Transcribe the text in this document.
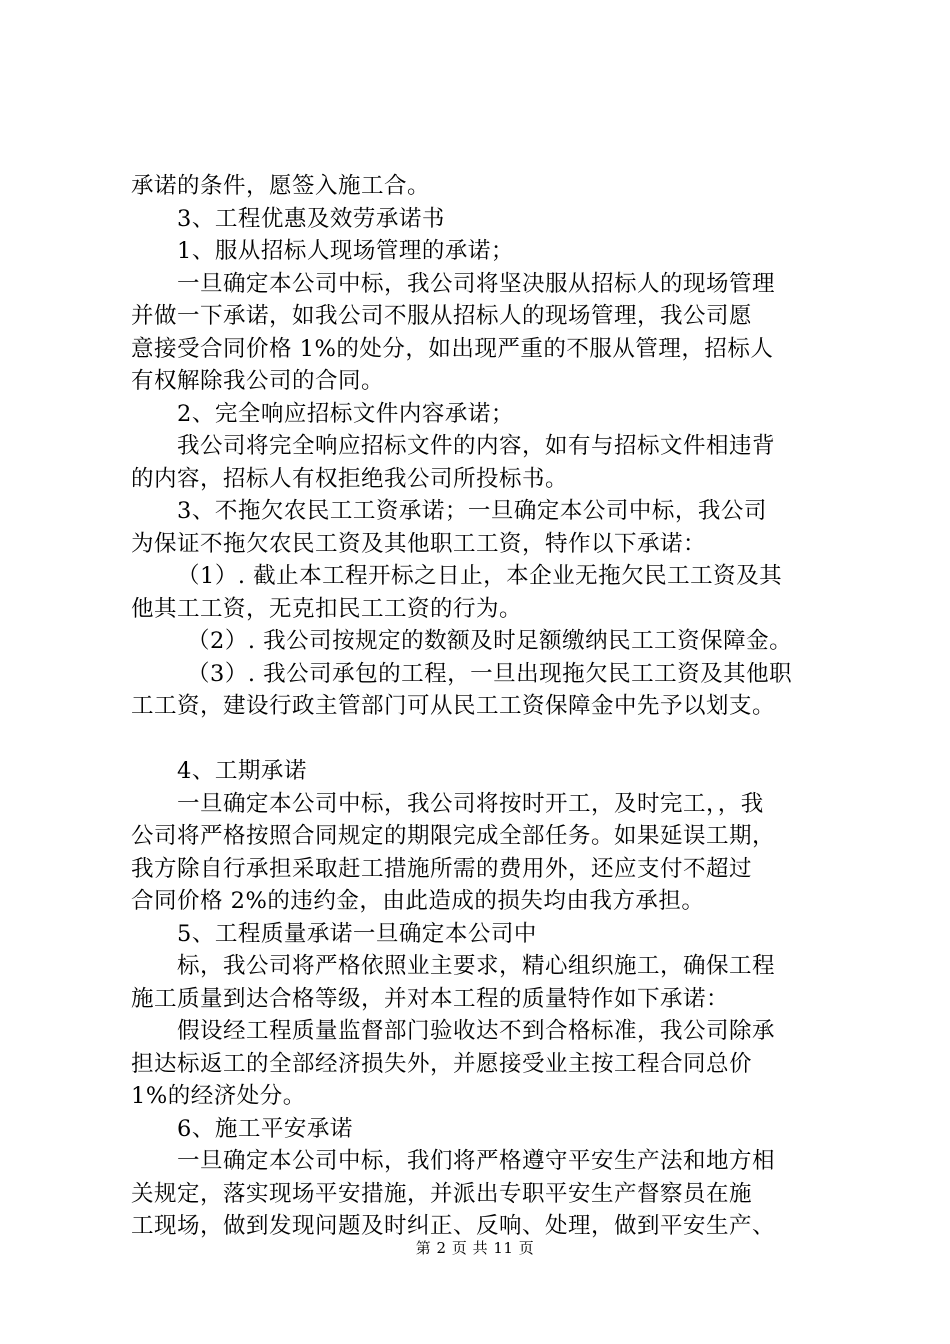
承诺的条件，愿签入施工合。
3、工程优惠及效劳承诺书
1、服从招标人现场管理的承诺；
一旦确定本公司中标，我公司将坚决服从招标人的现场管理
并做一下承诺，如我公司不服从招标人的现场管理，我公司愿
意接受合同价格 1%的处分，如出现严重的不服从管理，招标人
有权解除我公司的合同。
2、完全响应招标文件内容承诺；
我公司将完全响应招标文件的内容，如有与招标文件相违背
的内容，招标人有权拒绝我公司所投标书。
3、不拖欠农民工工资承诺；一旦确定本公司中标，我公司
为保证不拖欠农民工资及其他职工工资，特作以下承诺：
（1）. 截止本工程开标之日止，本企业无拖欠民工工资及其
他其工工资，无克扣民工工资的行为。
（2）. 我公司按规定的数额及时足额缴纳民工工资保障金。
（3）. 我公司承包的工程，一旦出现拖欠民工工资及其他职
工工资，建设行政主管部门可从民工工资保障金中先予以划支。
4、工期承诺
一旦确定本公司中标，我公司将按时开工，及时完工，，我
公司将严格按照合同规定的期限完成全部任务。如果延误工期，
我方除自行承担采取赶工措施所需的费用外，还应支付不超过
合同价格 2%的违约金，由此造成的损失均由我方承担。
5、工程质量承诺一旦确定本公司中
标，我公司将严格依照业主要求，精心组织施工，确保工程
施工质量到达合格等级，并对本工程的质量特作如下承诺：
假设经工程质量监督部门验收达不到合格标准，我公司除承
担达标返工的全部经济损失外，并愿接受业主按工程合同总价
1%的经济处分。
6、施工平安承诺
一旦确定本公司中标，我们将严格遵守平安生产法和地方相
关规定，落实现场平安措施，并派出专职平安生产督察员在施
工现场，做到发现问题及时纠正、反响、处理，做到平安生产、
第 2 页 共 11 页
